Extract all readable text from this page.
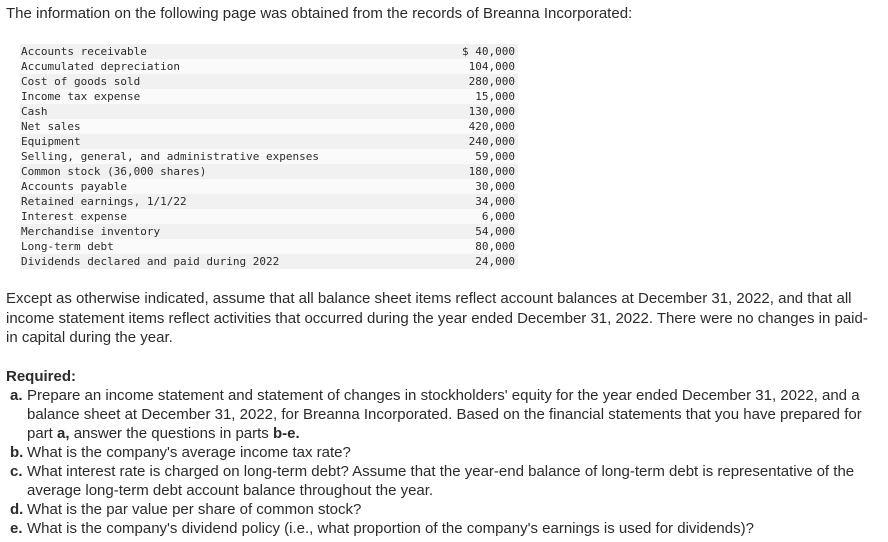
The information on the following page was obtained from the records of Breanna Incorporated:

Accounts receivable	$ 40,000
Accumulated depreciation	104,000
Cost of goods sold	280,000
Income tax expense	15,000
Cash	130,000
Net sales	420,000
Equipment	240,000
Selling, general, and administrative expenses	59,000
Common stock (36,000 shares)	180,000
Accounts payable	30,000
Retained earnings, 1/1/22	34,000
Interest expense	6,000
Merchandise inventory	54,000
Long-term debt	80,000
Dividends declared and paid during 2022	24,000

Except as otherwise indicated, assume that all balance sheet items reflect account balances at December 31, 2022, and that all income statement items reflect activities that occurred during the year ended December 31, 2022. There were no changes in paid-in capital during the year.

Required:

a. Prepare an income statement and statement of changes in stockholders' equity for the year ended December 31, 2022, and a balance sheet at December 31, 2022, for Breanna Incorporated. Based on the financial statements that you have prepared for part a, answer the questions in parts b-e.
b. What is the company's average income tax rate?
c. What interest rate is charged on long-term debt? Assume that the year-end balance of long-term debt is representative of the average long-term debt account balance throughout the year.
d. What is the par value per share of common stock?
e. What is the company's dividend policy (i.e., what proportion of the company's earnings is used for dividends)?
